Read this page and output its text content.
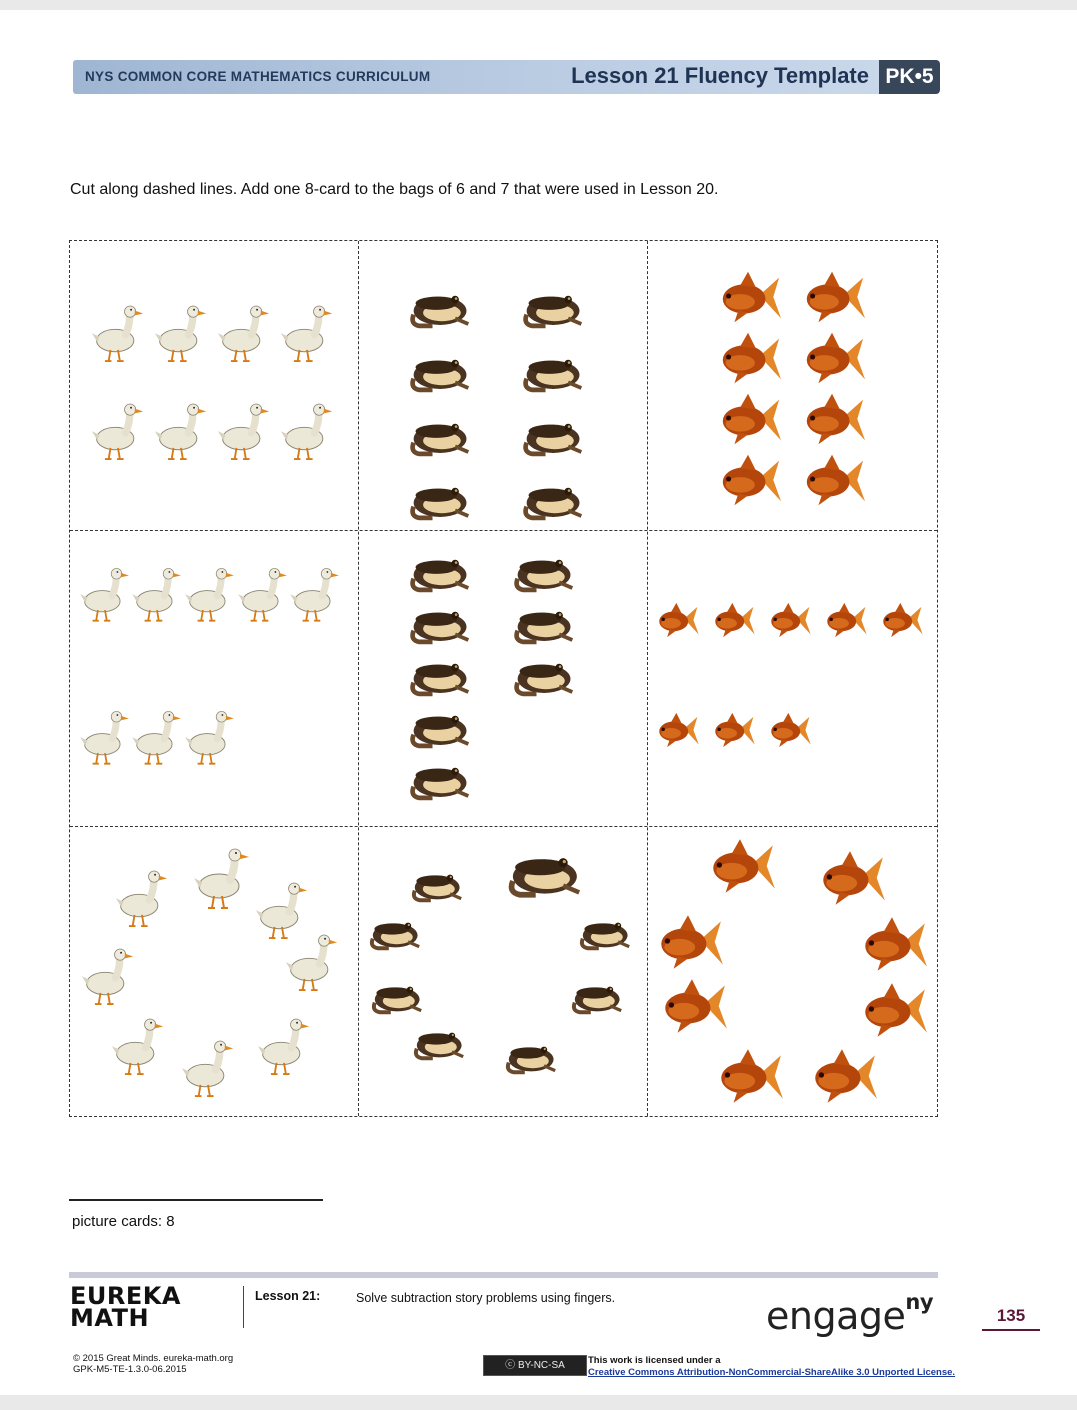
NYS COMMON CORE MATHEMATICS CURRICULUM	Lesson 21 Fluency Template PK•5
Cut along dashed lines. Add one 8-card to the bags of 6 and 7 that were used in Lesson 20.
picture cards: 8
EUREKA
MATH
Lesson 21:	Solve subtraction story problems using fingers.	engage$^{ny}$
135
© 2015 Great Minds. eureka-math.org
GPK-M5-TE-1.3.0-06.2015	ⓒ BY-NC-SA	This work is licensed under a
Creative Commons Attribution-NonCommercial-ShareAlike 3.0 Unported License.
